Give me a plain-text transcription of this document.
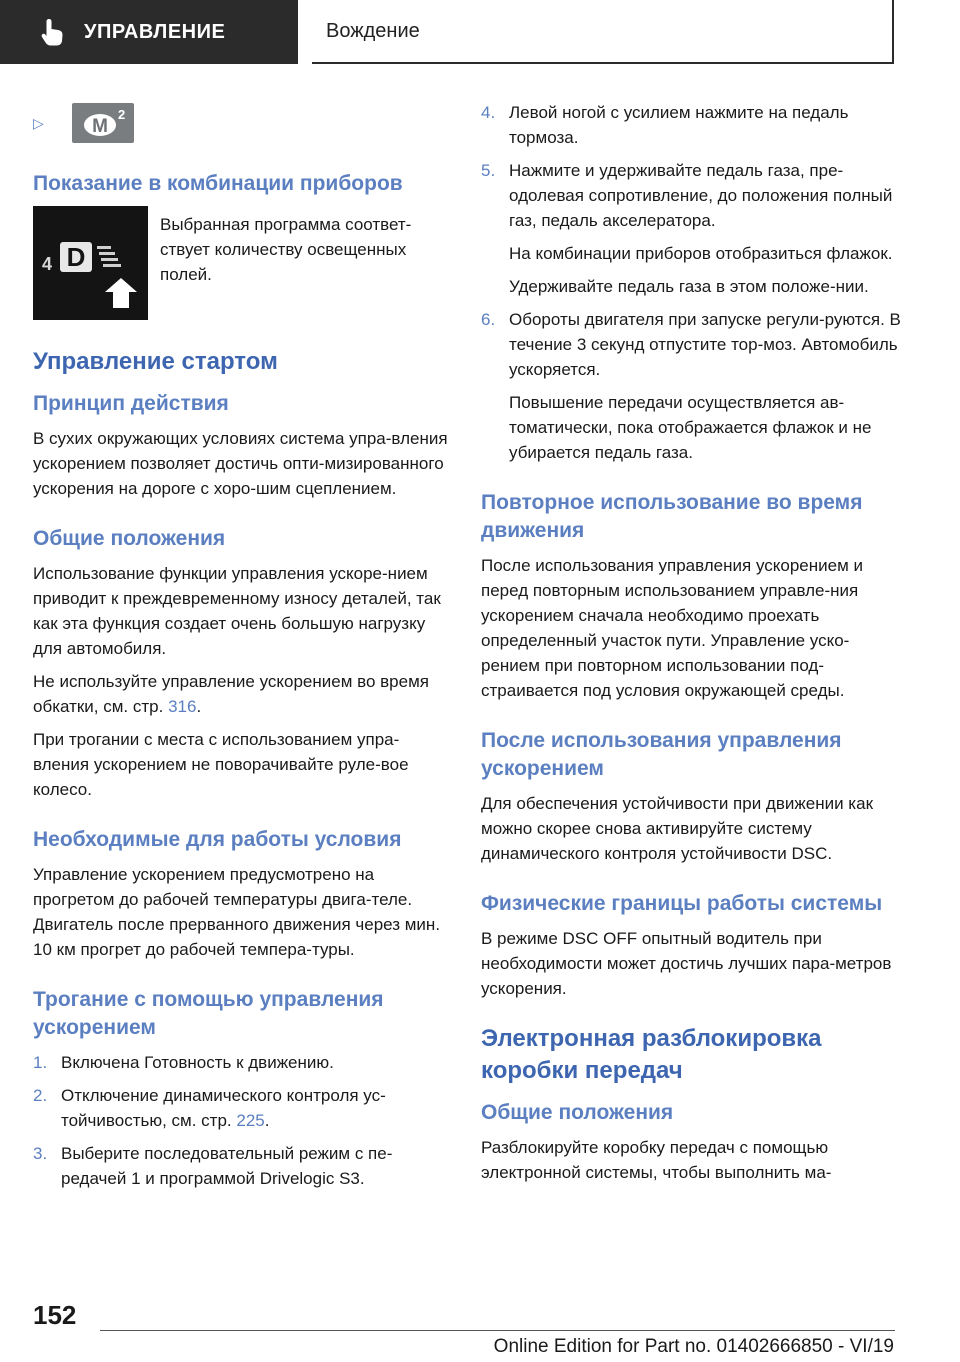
УПРАВЛЕНИЕ	Вождение
▷	M
2
Показание в комбинации приборов
4 D
Выбранная программа соответ-ствует количеству освещенных полей.
Управление стартом
Принцип действия

В сухих окружающих условиях система упра-вления ускорением позволяет достичь опти-мизированного ускорения на дороге с хоро-шим сцеплением.

Общие положения

Использование функции управления ускоре-нием приводит к преждевременному износу деталей, так как эта функция создает очень большую нагрузку для автомобиля.

Не используйте управление ускорением во время обкатки, см. стр. 316.

При трогании с места с использованием упра-вления ускорением не поворачивайте руле-вое колесо.

Необходимые для работы условия

Управление ускорением предусмотрено на прогретом до рабочей температуры двига-теле. Двигатель после прерванного движения через мин. 10 км прогрет до рабочей темпера-туры.

Трогание с помощью управления ускорением
1. Включена Готовность к движению.
2. Отключение динамического контроля ус-тойчивостью, см. стр. 225.
3. Выберите последовательный режим с пе-редачей 1 и программой Drivelogic S3.
4. Левой ногой с усилием нажмите на педаль тормоза.
5. Нажмите и удерживайте педаль газа, пре-одолевая сопротивление, до положения полный газ, педаль акселератора.

На комбинации приборов отобразиться флажок.

Удерживайте педаль газа в этом положе-нии.

6. Обороты двигателя при запуске регули-руются. В течение 3 секунд отпустите тор-моз. Автомобиль ускоряется.

Повышение передачи осуществляется ав-томатически, пока отображается флажок и не убирается педаль газа.

Повторное использование во время движения

После использования управления ускорением и перед повторным использованием управле-ния ускорением сначала необходимо проехать определенный участок пути. Управление уско-рением при повторном использовании под-страивается под условия окружающей среды.

После использования управления ускорением

Для обеспечения устойчивости при движении как можно скорее снова активируйте систему динамического контроля устойчивости DSC.

Физические границы работы системы

В режиме DSC OFF опытный водитель при необходимости может достичь лучших пара-метров ускорения.

Электронная разблокировка коробки передач
Общие положения

Разблокируйте коробку передач с помощью электронной системы, чтобы выполнить ма-

152
Online Edition for Part no. 01402666850 - VI/19
